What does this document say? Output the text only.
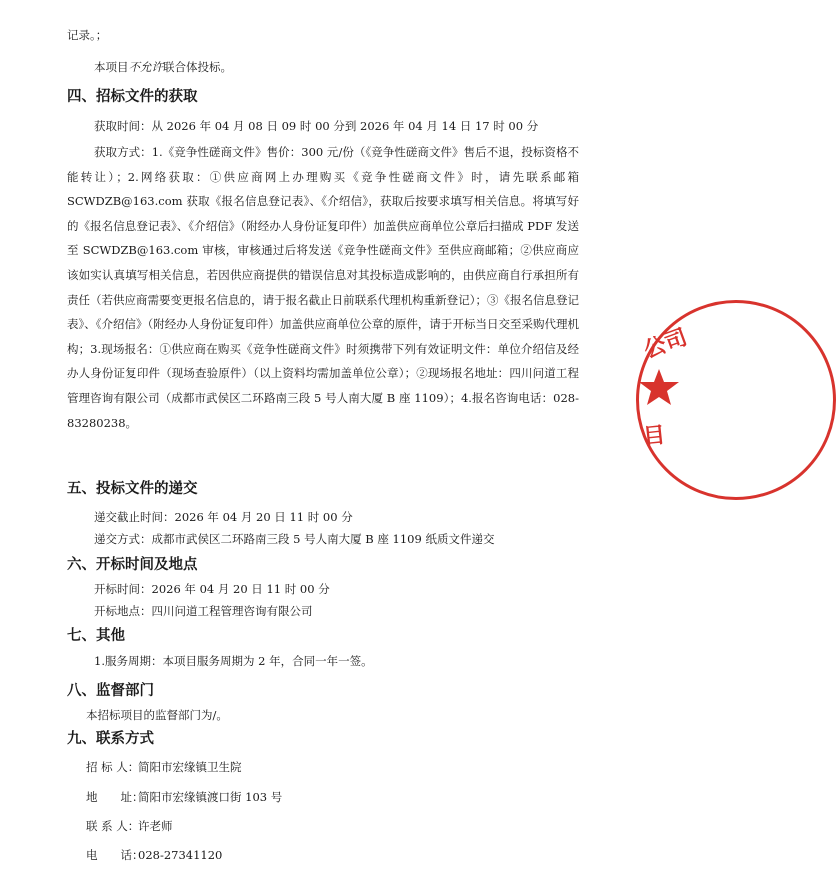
记录。；
本项目不允许联合体投标。
四、招标文件的获取
获取时间：从 2026 年 04 月 08 日 09 时 00 分到 2026 年 04 月 14 日 17 时 00 分
获取方式：1.《竞争性磋商文件》售价：300 元/份（《竞争性磋商文件》售后不退，投标资格不能转让）；2.网络获取：①供应商网上办理购买《竞争性磋商文件》时，请先联系邮箱 SCWDZB@163.com 获取《报名信息登记表》、《介绍信》，获取后按要求填写相关信息。将填写好的《报名信息登记表》、《介绍信》（附经办人身份证复印件）加盖供应商单位公章后扫描成 PDF 发送至 SCWDZB@163.com 审核，审核通过后将发送《竞争性磋商文件》至供应商邮箱；②供应商应该如实认真填写相关信息，若因供应商提供的错误信息对其投标造成影响的，由供应商自行承担所有责任（若供应商需要变更报名信息的，请于报名截止日前联系代理机构重新登记）；③《报名信息登记表》、《介绍信》（附经办人身份证复印件）加盖供应商单位公章的原件，请于开标当日交至采购代理机构；3.现场报名：①供应商在购买《竞争性磋商文件》时须携带下列有效证明文件：单位介绍信及经办人身份证复印件（现场查验原件）（以上资料均需加盖单位公章）；②现场报名地址：四川问道工程管理咨询有限公司（成都市武侯区二环路南三段 5 号人南大厦 B 座 1109）；4.报名咨询电话：028-83280238。
五、投标文件的递交
递交截止时间：2026 年 04 月 20 日 11 时 00 分
递交方式：成都市武侯区二环路南三段 5 号人南大厦 B 座 1109 纸质文件递交
六、开标时间及地点
开标时间：2026 年 04 月 20 日 11 时 00 分
开标地点：四川问道工程管理咨询有限公司
七、其他
1.服务周期：本项目服务周期为 2 年，合同一年一签。
八、监督部门
本招标项目的监督部门为/。
九、联系方式
招 标 人：简阳市宏缘镇卫生院
地　　址：简阳市宏缘镇渡口街 103 号
联 系 人：许老师
电　　话：028-27341120
公司
目
